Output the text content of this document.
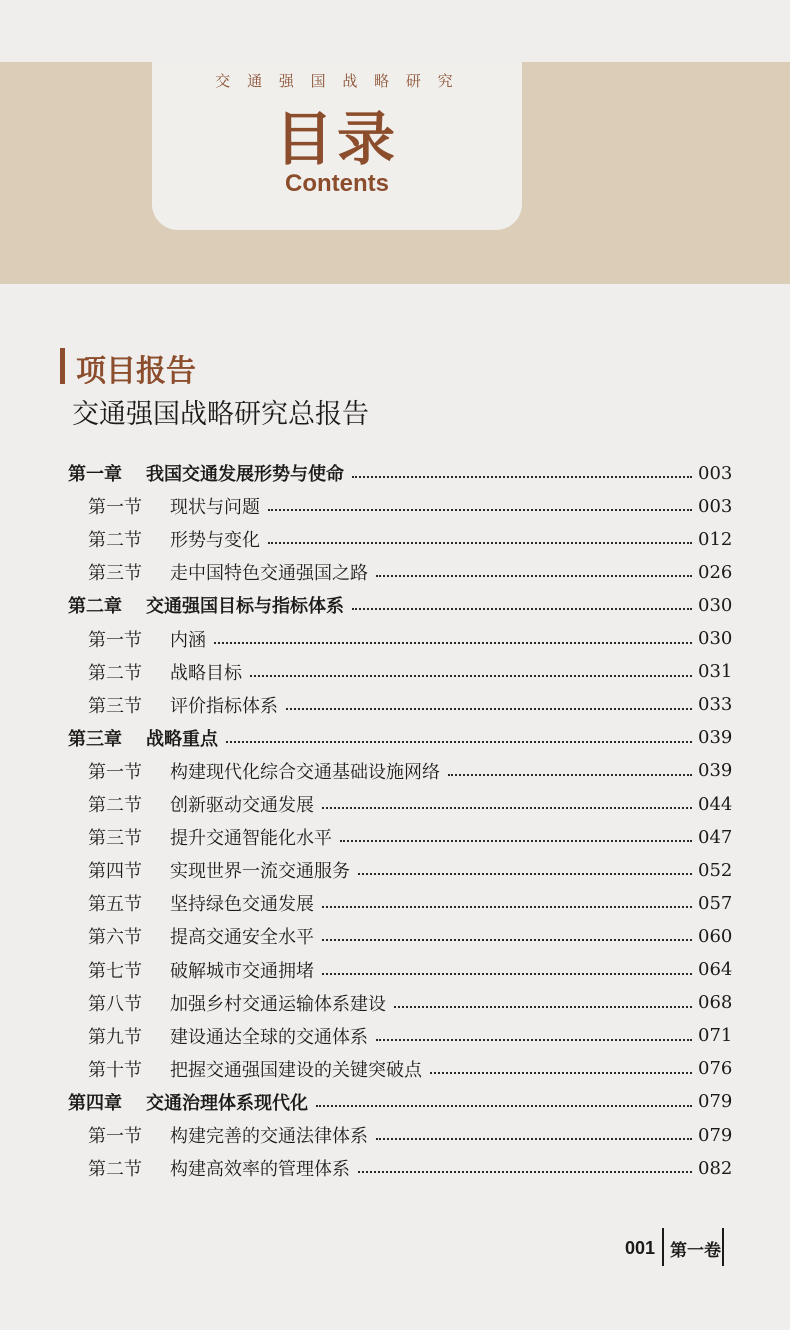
交 通 强 国 战 略 研 究
目录
Contents
项目报告
交通强国战略研究总报告
第一章	我国交通发展形势与使命	003
第一节	现状与问题	003
第二节	形势与变化	012
第三节	走中国特色交通强国之路	026
第二章	交通强国目标与指标体系	030
第一节	内涵	030
第二节	战略目标	031
第三节	评价指标体系	033
第三章	战略重点	039
第一节	构建现代化综合交通基础设施网络	039
第二节	创新驱动交通发展	044
第三节	提升交通智能化水平	047
第四节	实现世界一流交通服务	052
第五节	坚持绿色交通发展	057
第六节	提高交通安全水平	060
第七节	破解城市交通拥堵	064
第八节	加强乡村交通运输体系建设	068
第九节	建设通达全球的交通体系	071
第十节	把握交通强国建设的关键突破点	076
第四章	交通治理体系现代化	079
第一节	构建完善的交通法律体系	079
第二节	构建高效率的管理体系	082
001 第一卷
